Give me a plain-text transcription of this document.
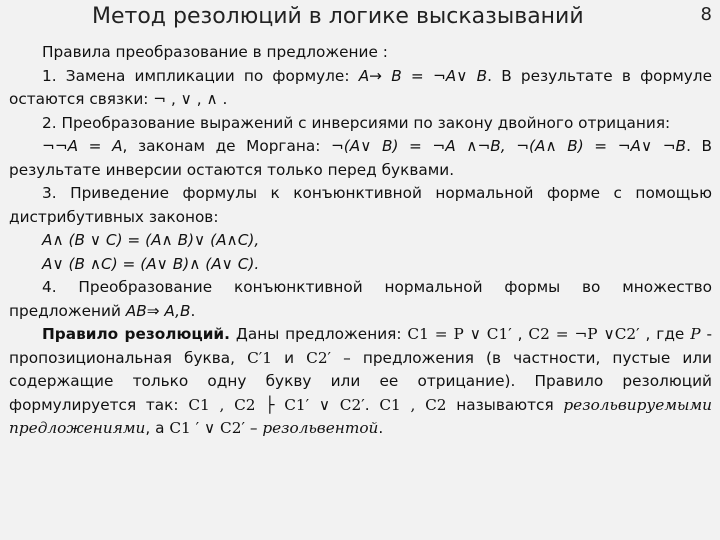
Метод резолюций в логике высказываний	8

Правила преобразование в предложение :

1. Замена импликации по формуле: A→ B = ¬A∨ B. В результате в формуле остаются связки: ¬ , ∨ , ∧ .

2. Преобразование выражений с инверсиями по закону двойного отрицания:

¬¬A = A, законам де Моргана: ¬(A∨ B) = ¬A ∧¬B, ¬(A∧ B) = ¬A∨ ¬B. В результате инверсии остаются только перед буквами.

3. Приведение формулы к конъюнктивной нормальной форме с помощью дистрибутивных законов:

A∧ (B ∨ C) = (A∧ B)∨ (A∧C),

A∨ (B ∧C) = (A∨ B)∧ (A∨ C).

4. Преобразование конъюнктивной нормальной формы во множество предложений AB⇒ A,B.

Правило резолюций. Даны предложения: C1 = P ∨ C1′ , C2 = ¬P ∨C2′ , где P - пропозициональная буква, C′1 и C2′ – предложения (в частности, пустые или содержащие только одну букву или ее отрицание). Правило резолюций формулируется так: C1 , C2 ├ C1′ ∨ C2′. C1 , C2 называются резольвируемыми предложениями, а C1 ′ ∨ C2′ – резольвентой.
